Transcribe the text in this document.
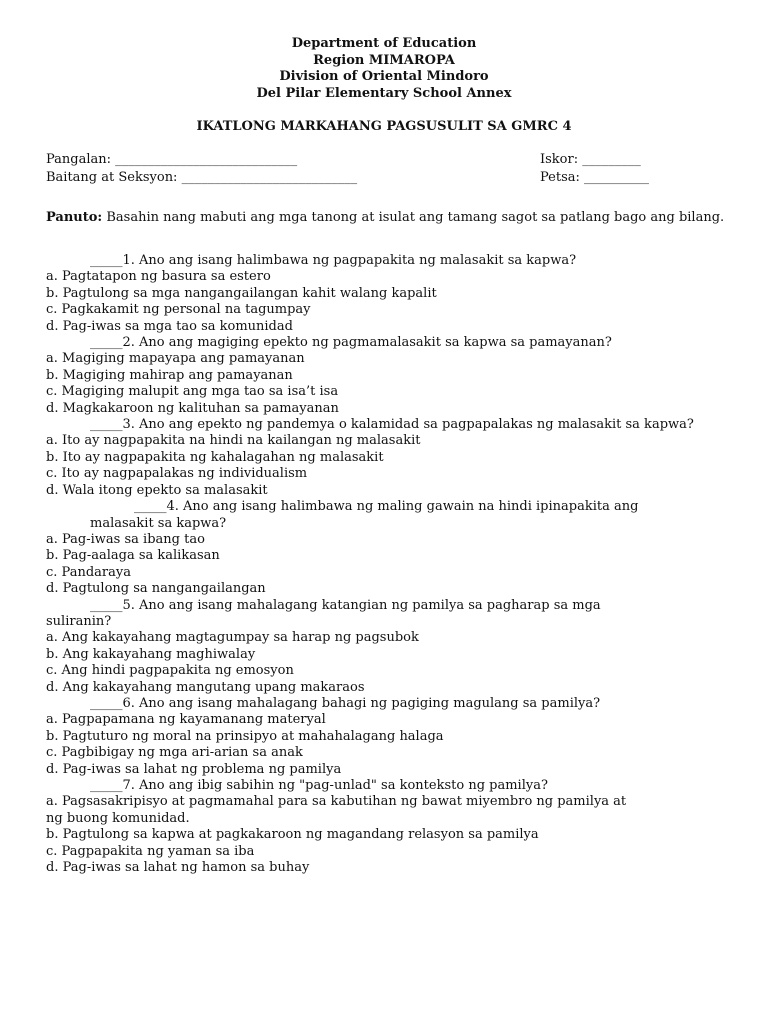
Department of Education
Region MIMAROPA
Division of Oriental Mindoro
Del Pilar Elementary School Annex
IKATLONG MARKAHANG PAGSUSULIT SA GMRC 4
Pangalan: ____________________________	Iskor: _________
Baitang at Seksyon: ___________________________	Petsa: __________
Panuto: Basahin nang mabuti ang mga tanong at isulat ang tamang sagot sa patlang bago ang bilang.
_____1. Ano ang isang halimbawa ng pagpapakita ng malasakit sa kapwa?
a. Pagtatapon ng basura sa estero
b. Pagtulong sa mga nangangailangan kahit walang kapalit
c. Pagkakamit ng personal na tagumpay
d. Pag-iwas sa mga tao sa komunidad
_____2. Ano ang magiging epekto ng pagmamalasakit sa kapwa sa pamayanan?
a. Magiging mapayapa ang pamayanan
b. Magiging mahirap ang pamayanan
c. Magiging malupit ang mga tao sa isa’t isa
d. Magkakaroon ng kalituhan sa pamayanan
_____3. Ano ang epekto ng pandemya o kalamidad sa pagpapalakas ng malasakit sa kapwa?
a. Ito ay nagpapakita na hindi na kailangan ng malasakit
b. Ito ay nagpapakita ng kahalagahan ng malasakit
c. Ito ay nagpapalakas ng individualism
d. Wala itong epekto sa malasakit
_____4. Ano ang isang halimbawa ng maling gawain na hindi ipinapakita ang malasakit sa kapwa?
a. Pag-iwas sa ibang tao
b. Pag-aalaga sa kalikasan
c. Pandaraya
d. Pagtulong sa nangangailangan
_____5. Ano ang isang mahalagang katangian ng pamilya sa pagharap sa mga suliranin?
a. Ang kakayahang magtagumpay sa harap ng pagsubok
b. Ang kakayahang maghiwalay
c. Ang hindi pagpapakita ng emosyon
d. Ang kakayahang mangutang upang makaraos
_____6. Ano ang isang mahalagang bahagi ng pagiging magulang sa pamilya?
a. Pagpapamana ng kayamanang materyal
b. Pagtuturo ng moral na prinsipyo at mahahalagang halaga
c. Pagbibigay ng mga ari-arian sa anak
d. Pag-iwas sa lahat ng problema ng pamilya
_____7. Ano ang ibig sabihin ng "pag-unlad" sa konteksto ng pamilya?
a. Pagsasakripisyo at pagmamahal para sa kabutihan ng bawat miyembro ng pamilya at ng buong komunidad.
b. Pagtulong sa kapwa at pagkakaroon ng magandang relasyon sa pamilya
c. Pagpapakita ng yaman sa iba
d. Pag-iwas sa lahat ng hamon sa buhay
